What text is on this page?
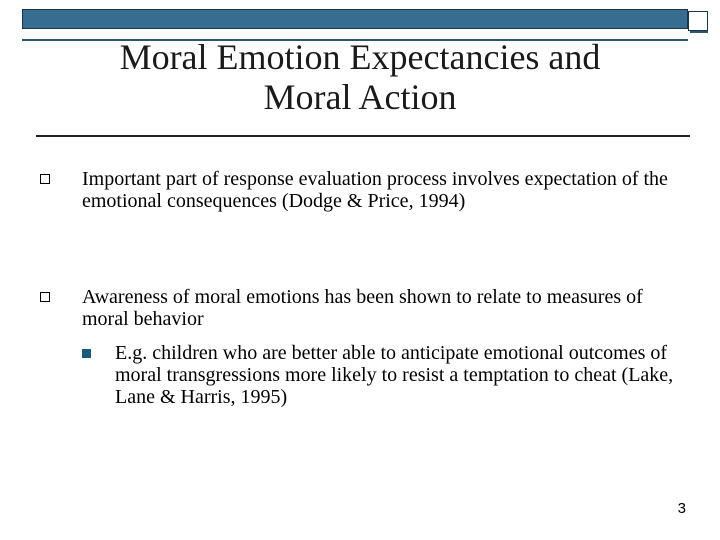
Moral Emotion Expectancies and
Moral Action
Important part of response evaluation process involves expectation of the emotional consequences (Dodge & Price, 1994)
Awareness of moral emotions has been shown to relate to measures of moral behavior
E.g. children who are better able to anticipate emotional outcomes of moral transgressions more likely to resist a temptation to cheat (Lake, Lane & Harris, 1995)
3
